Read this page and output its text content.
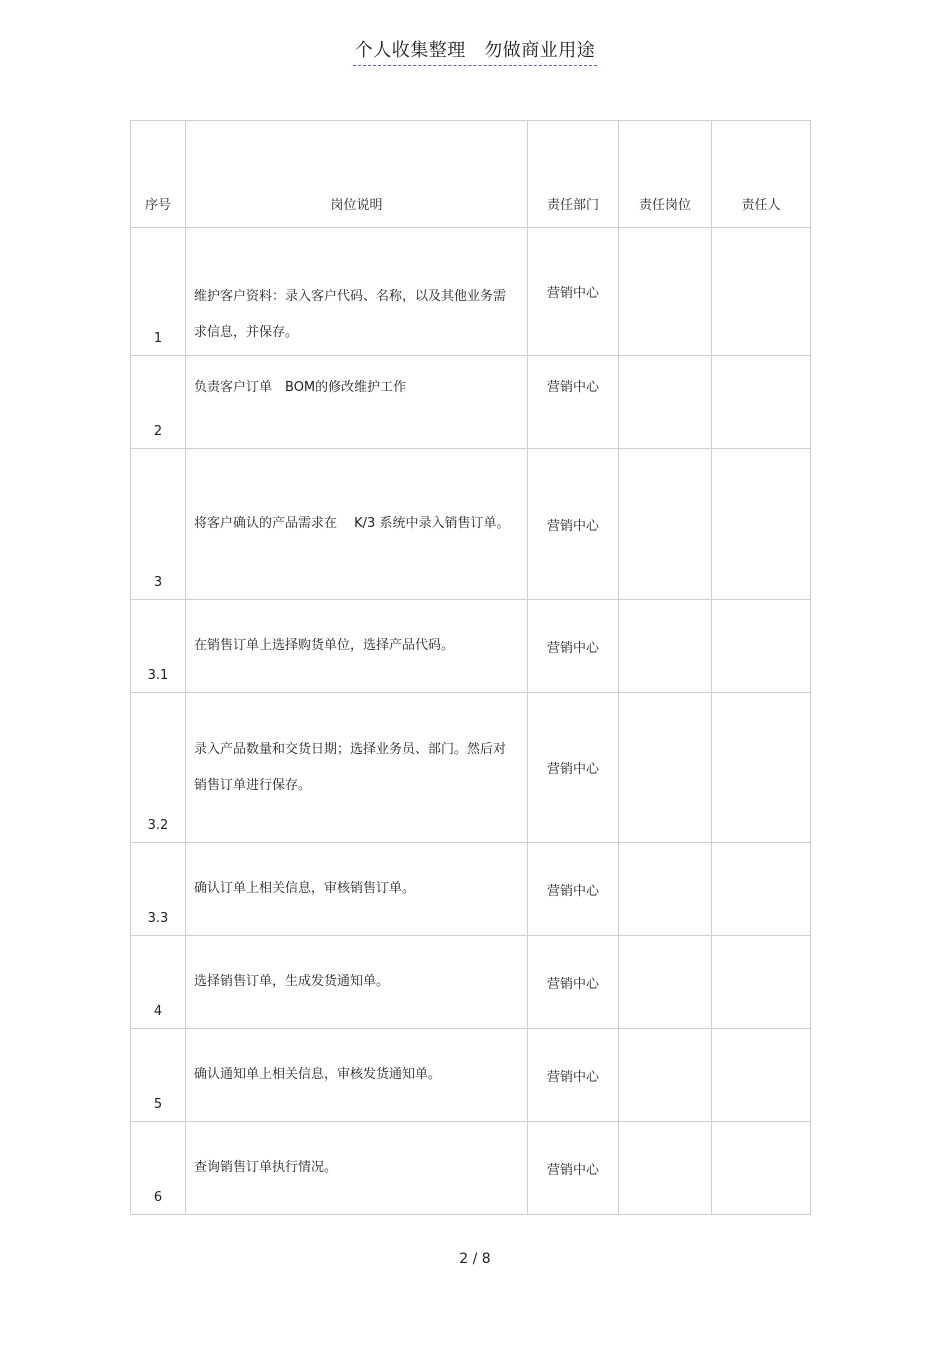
个人收集整理　勿做商业用途
序号	岗位说明	责任部门	责任岗位	责任人
1	维护客户资料：录入客户代码、名称，以及其他业务需求信息，并保存。	营销中心		
2	负责客户订单　BOM的修改维护工作	营销中心		
3	将客户确认的产品需求在　 K/3 系统中录入销售订单。	营销中心		
3.1	在销售订单上选择购货单位，选择产品代码。	营销中心		
3.2	录入产品数量和交货日期；选择业务员、部门。然后对销售订单进行保存。	营销中心		
3.3	确认订单上相关信息，审核销售订单。	营销中心		
4	选择销售订单，生成发货通知单。	营销中心		
5	确认通知单上相关信息，审核发货通知单。	营销中心		
6	查询销售订单执行情况。	营销中心		
2 / 8
